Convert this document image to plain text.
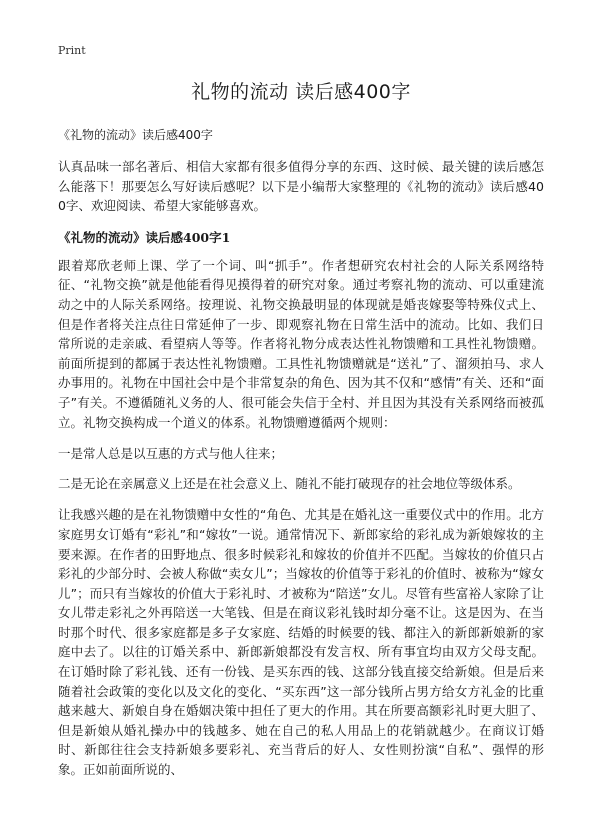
Print
礼物的流动 读后感400字

《礼物的流动》读后感400字

认真品味一部名著后、相信大家都有很多值得分享的东西、这时候、最关键的读后感怎么能落下！那要怎么写好读后感呢？以下是小编帮大家整理的《礼物的流动》读后感400字、欢迎阅读、希望大家能够喜欢。

《礼物的流动》读后感400字1

跟着郑欣老师上课、学了一个词、叫“抓手”。作者想研究农村社会的人际关系网络特征、“礼物交换”就是他能看得见摸得着的研究对象。通过考察礼物的流动、可以重建流动之中的人际关系网络。按理说、礼物交换最明显的体现就是婚丧嫁娶等特殊仪式上、但是作者将关注点往日常延伸了一步、即观察礼物在日常生活中的流动。比如、我们日常所说的走亲戚、看望病人等等。作者将礼物分成表达性礼物馈赠和工具性礼物馈赠。前面所提到的都属于表达性礼物馈赠。工具性礼物馈赠就是“送礼”了、溜须拍马、求人办事用的。礼物在中国社会中是个非常复杂的角色、因为其不仅和“感情”有关、还和“面子”有关。不遵循随礼义务的人、很可能会失信于全村、并且因为其没有关系网络而被孤立。礼物交换构成一个道义的体系。礼物馈赠遵循两个规则：

一是常人总是以互惠的方式与他人往来；

二是无论在亲属意义上还是在社会意义上、随礼不能打破现存的社会地位等级体系。

让我感兴趣的是在礼物馈赠中女性的“角色、尤其是在婚礼这一重要仪式中的作用。北方家庭男女订婚有“彩礼”和“嫁妆”一说。通常情况下、新郎家给的彩礼成为新娘嫁妆的主要来源。在作者的田野地点、很多时候彩礼和嫁妆的价值并不匹配。当嫁妆的价值只占彩礼的少部分时、会被人称做“卖女儿”；当嫁妆的价值等于彩礼的价值时、被称为“嫁女儿”；而只有当嫁妆的价值大于彩礼时、才被称为“陪送”女儿。尽管有些富裕人家除了让女儿带走彩礼之外再陪送一大笔钱、但是在商议彩礼钱时却分毫不让。这是因为、在当时那个时代、很多家庭都是多子女家庭、结婚的时候要的钱、都注入的新郎新娘新的家庭中去了。以往的订婚关系中、新郎新娘都没有发言权、所有事宜均由双方父母支配。在订婚时除了彩礼钱、还有一份钱、是买东西的钱、这部分钱直接交给新娘。但是后来随着社会政策的变化以及文化的变化、“买东西”这一部分钱所占男方给女方礼金的比重越来越大、新娘自身在婚姻决策中担任了更大的作用。其在所要高额彩礼时更大胆了、但是新娘从婚礼操办中的钱越多、她在自己的私人用品上的花销就越少。在商议订婚时、新郎往往会支持新娘多要彩礼、充当背后的好人、女性则扮演“自私”、强悍的形象。正如前面所说的、
